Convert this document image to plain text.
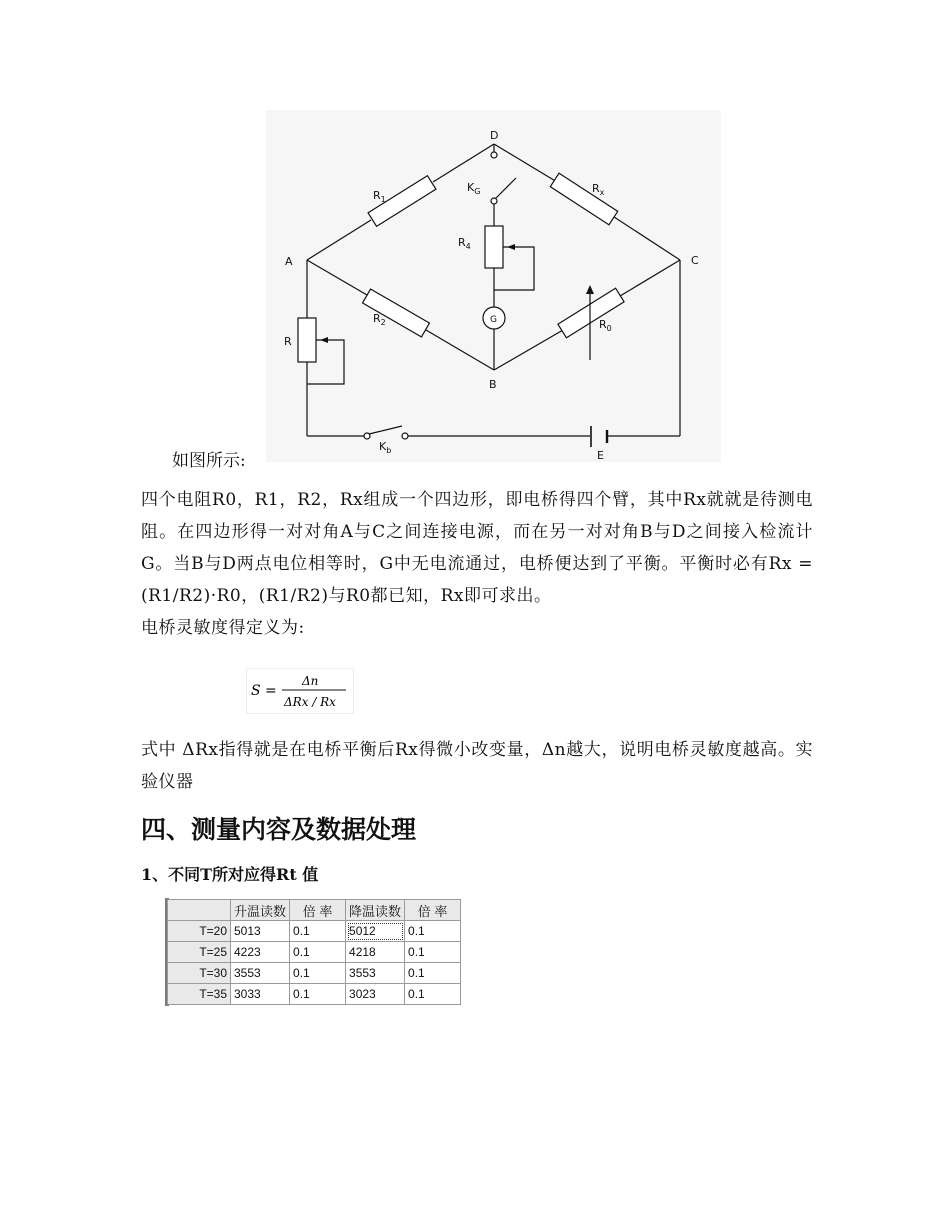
D
A	C
B
E
G
$R_1$
$R_x$
$R_2$	$R_0$
$R_4$
R
$K_G$
$K_b$
如图所示:
四个电阻R0，R1，R2，Rx组成一个四边形，即电桥得四个臂，其中Rx就就是待测电阻。在四边形得一对对角A与C之间连接电源，而在另一对对角B与D之间接入检流计G。当B与D两点电位相等时，G中无电流通过，电桥便达到了平衡。平衡时必有Rx = (R1/R2)·R0，(R1/R2)与R0都已知，Rx即可求出。
电桥灵敏度得定义为:
S =
Δn
ΔRx / Rx
式中 ΔRx指得就是在电桥平衡后Rx得微小改变量，Δn越大，说明电桥灵敏度越高。实验仪器
四、测量内容及数据处理
1、不同T所对应得Rt 值
	升温读数	倍 率	降温读数	倍 率
T=20	5013	0.1	5012	0.1
T=25	4223	0.1	4218	0.1
T=30	3553	0.1	3553	0.1
T=35	3033	0.1	3023	0.1
